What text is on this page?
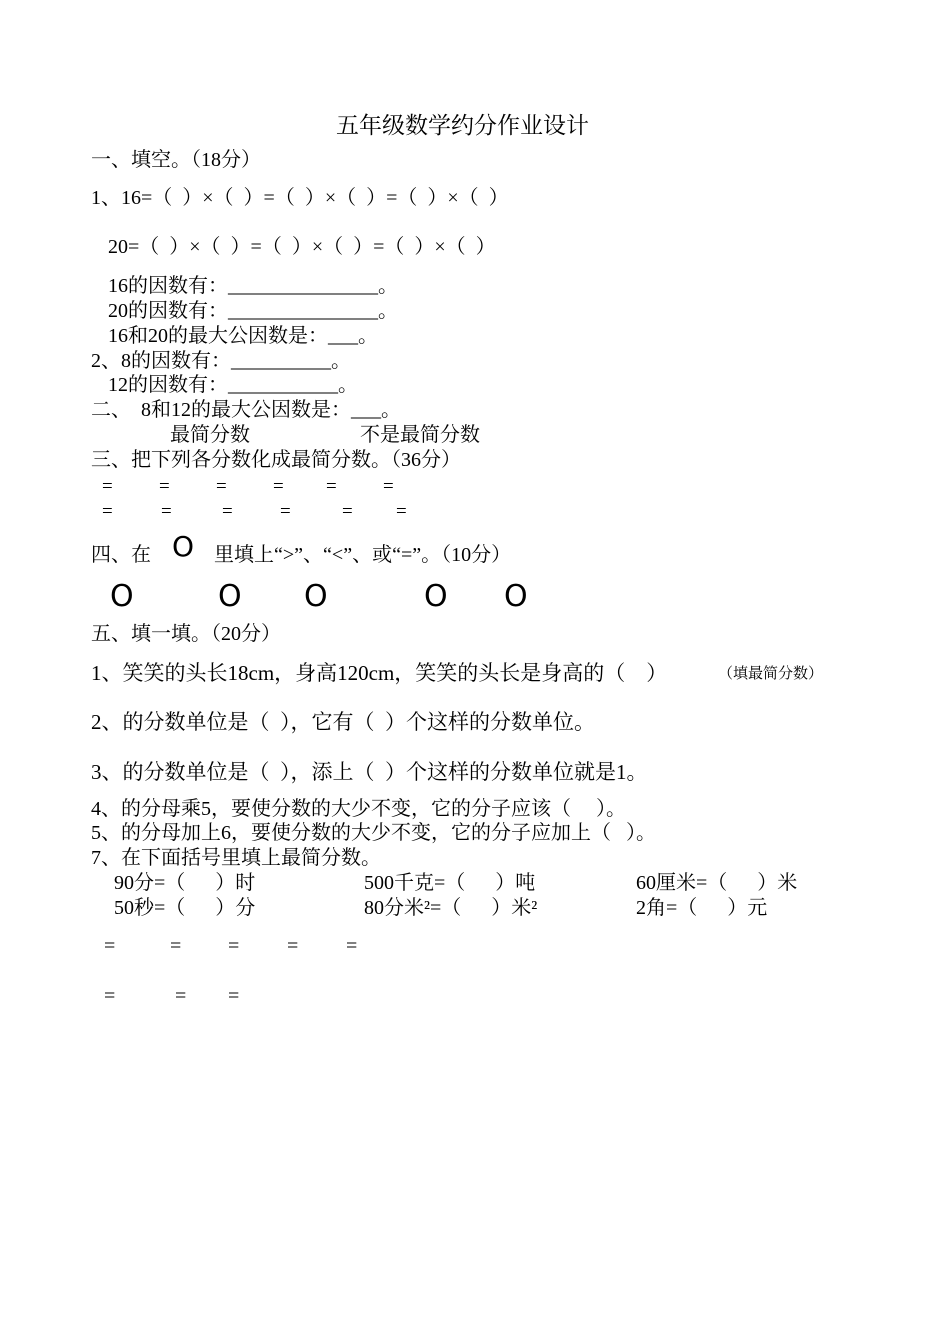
五年级数学约分作业设计
一、填空。（18分）
1、16=（  ）×（  ）=（  ）×（  ）=（  ）×（  ）
20=（  ）×（  ）=（  ）×（  ）=（  ）×（  ）
16的因数有：_______________。
20的因数有：_______________。
16和20的最大公因数是：___。
2、8的因数有：__________。
12的因数有：___________。
二、  8和12的最大公因数是：___。
最简分数	不是最简分数
三、把下列各分数化成最简分数。（36分）
= = = = = =
=	=	= =	= =
四、在 O 里填上“>”、“<”、或“=”。（10分）
O	O O	O O
五、填一填。（20分）
1、笑笑的头长18cm，身高120cm，笑笑的头长是身高的（    ）	（填最简分数）
2、的分数单位是（  ），它有（  ）个这样的分数单位。
3、的分数单位是（  ），添上（  ）个这样的分数单位就是1。
4、的分母乘5，要使分数的大少不变，它的分子应该（     ）。
5、的分母加上6，要使分数的大少不变，它的分子应加上（   ）。
7、在下面括号里填上最简分数。
90分=（      ）时	500千克=（      ）吨	60厘米=（      ）米
50秒=（      ）分	80分米²=（      ）米²	2角=（      ）元
=	= = = =
=	= =
